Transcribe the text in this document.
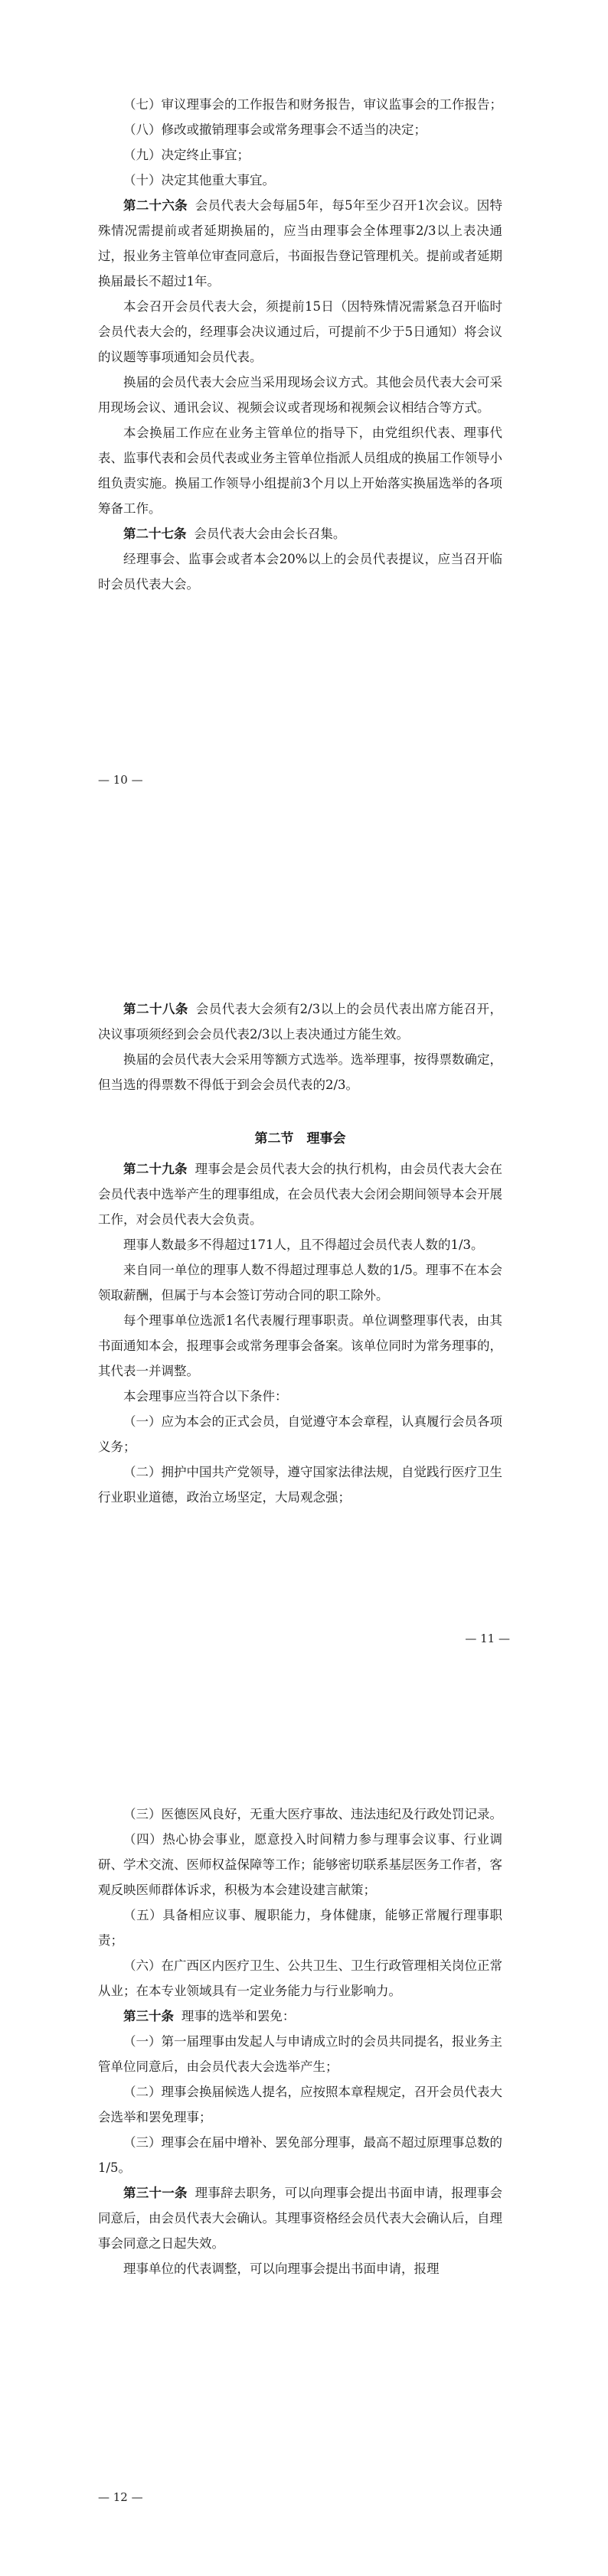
（七）审议理事会的工作报告和财务报告，审议监事会的工作报告；

（八）修改或撤销理事会或常务理事会不适当的决定；

（九）决定终止事宜；

（十）决定其他重大事宜。

第二十六条 会员代表大会每届5年，每5年至少召开1次会议。因特殊情况需提前或者延期换届的，应当由理事会全体理事2/3以上表决通过，报业务主管单位审查同意后，书面报告登记管理机关。提前或者延期换届最长不超过1年。

本会召开会员代表大会，须提前15日（因特殊情况需紧急召开临时会员代表大会的，经理事会决议通过后，可提前不少于5日通知）将会议的议题等事项通知会员代表。

换届的会员代表大会应当采用现场会议方式。其他会员代表大会可采用现场会议、通讯会议、视频会议或者现场和视频会议相结合等方式。

本会换届工作应在业务主管单位的指导下，由党组织代表、理事代表、监事代表和会员代表或业务主管单位指派人员组成的换届工作领导小组负责实施。换届工作领导小组提前3个月以上开始落实换届选举的各项筹备工作。

第二十七条 会员代表大会由会长召集。

经理事会、监事会或者本会20%以上的会员代表提议，应当召开临时会员代表大会。

— 10 —

第二十八条 会员代表大会须有2/3以上的会员代表出席方能召开，决议事项须经到会会员代表2/3以上表决通过方能生效。

换届的会员代表大会采用等额方式选举。选举理事，按得票数确定，但当选的得票数不得低于到会会员代表的2/3。

第二节　理事会

第二十九条 理事会是会员代表大会的执行机构，由会员代表大会在会员代表中选举产生的理事组成，在会员代表大会闭会期间领导本会开展工作，对会员代表大会负责。

理事人数最多不得超过171人，且不得超过会员代表人数的1/3。

来自同一单位的理事人数不得超过理事总人数的1/5。理事不在本会领取薪酬，但属于与本会签订劳动合同的职工除外。

每个理事单位选派1名代表履行理事职责。单位调整理事代表，由其书面通知本会，报理事会或常务理事会备案。该单位同时为常务理事的，其代表一并调整。

本会理事应当符合以下条件：

（一）应为本会的正式会员，自觉遵守本会章程，认真履行会员各项义务；

（二）拥护中国共产党领导，遵守国家法律法规，自觉践行医疗卫生行业职业道德，政治立场坚定，大局观念强；

— 11 —

（三）医德医风良好，无重大医疗事故、违法违纪及行政处罚记录。

（四）热心协会事业，愿意投入时间精力参与理事会议事、行业调研、学术交流、医师权益保障等工作；能够密切联系基层医务工作者，客观反映医师群体诉求，积极为本会建设建言献策；

（五）具备相应议事、履职能力，身体健康，能够正常履行理事职责；

（六）在广西区内医疗卫生、公共卫生、卫生行政管理相关岗位正常从业；在本专业领域具有一定业务能力与行业影响力。

第三十条 理事的选举和罢免：

（一）第一届理事由发起人与申请成立时的会员共同提名，报业务主管单位同意后，由会员代表大会选举产生；

（二）理事会换届候选人提名，应按照本章程规定，召开会员代表大会选举和罢免理事；

（三）理事会在届中增补、罢免部分理事，最高不超过原理事总数的1/5。

第三十一条 理事辞去职务，可以向理事会提出书面申请，报理事会同意后，由会员代表大会确认。其理事资格经会员代表大会确认后，自理事会同意之日起失效。

理事单位的代表调整，可以向理事会提出书面申请，报理

— 12 —
